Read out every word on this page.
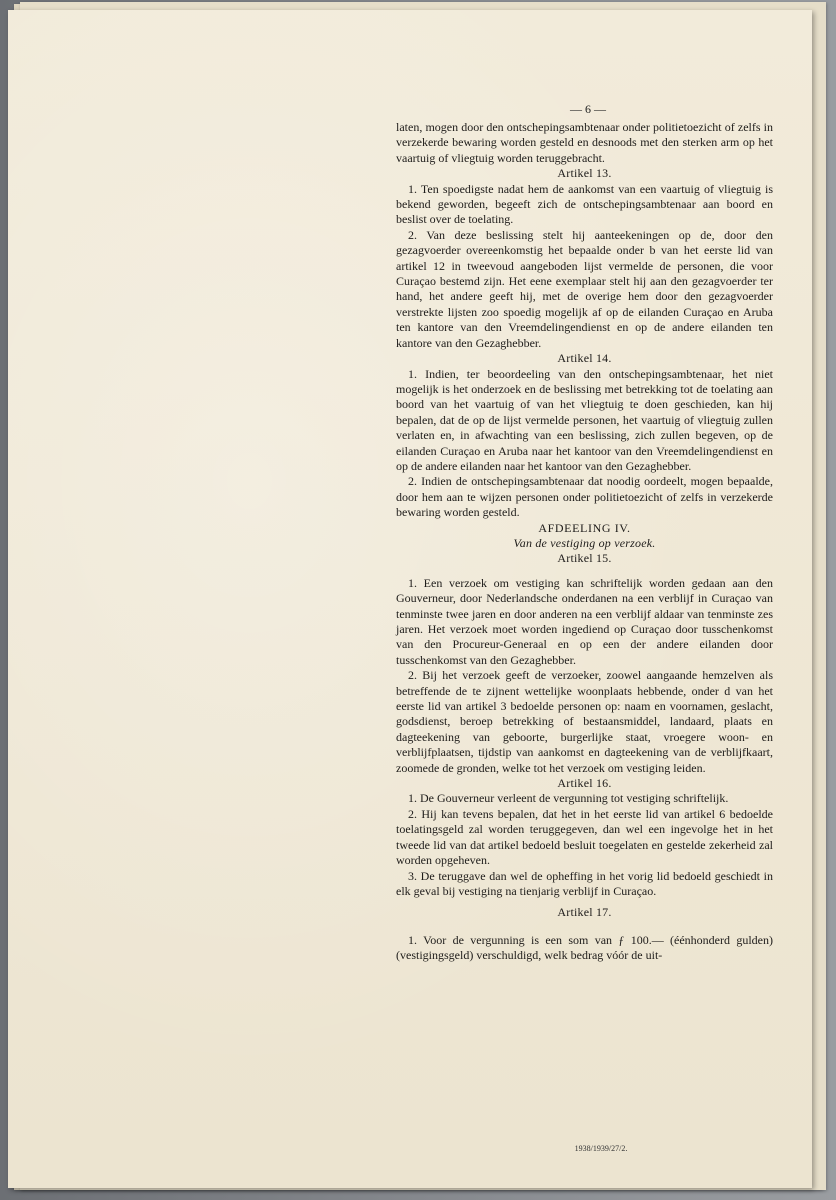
— 6 —

laten, mogen door den ontschepingsambtenaar onder politietoezicht of zelfs in verzekerde bewaring worden gesteld en desnoods met den sterken arm op het vaartuig of vliegtuig worden teruggebracht.

Artikel 13.

1. Ten spoedigste nadat hem de aankomst van een vaartuig of vliegtuig is bekend geworden, begeeft zich de ontschepingsambtenaar aan boord en beslist over de toelating.

2. Van deze beslissing stelt hij aanteekeningen op de, door den gezagvoerder overeenkomstig het bepaalde onder b van het eerste lid van artikel 12 in tweevoud aangeboden lijst vermelde de personen, die voor Curaçao bestemd zijn. Het eene exemplaar stelt hij aan den gezagvoerder ter hand, het andere geeft hij, met de overige hem door den gezagvoerder verstrekte lijsten zoo spoedig mogelijk af op de eilanden Curaçao en Aruba ten kantore van den Vreemdelingendienst en op de andere eilanden ten kantore van den Gezaghebber.

Artikel 14.

1. Indien, ter beoordeeling van den ontschepingsambtenaar, het niet mogelijk is het onderzoek en de beslissing met betrekking tot de toelating aan boord van het vaartuig of van het vliegtuig te doen geschieden, kan hij bepalen, dat de op de lijst vermelde personen, het vaartuig of vliegtuig zullen verlaten en, in afwachting van een beslissing, zich zullen begeven, op de eilanden Curaçao en Aruba naar het kantoor van den Vreemdelingendienst en op de andere eilanden naar het kantoor van den Gezaghebber.

2. Indien de ontschepingsambtenaar dat noodig oordeelt, mogen bepaalde, door hem aan te wijzen personen onder politietoezicht of zelfs in verzekerde bewaring worden gesteld.

AFDEELING IV.

Van de vestiging op verzoek.

Artikel 15.

1. Een verzoek om vestiging kan schriftelijk worden gedaan aan den Gouverneur, door Nederlandsche onderdanen na een verblijf in Curaçao van tenminste twee jaren en door anderen na een verblijf aldaar van tenminste zes jaren. Het verzoek moet worden ingediend op Curaçao door tusschenkomst van den Procureur-Generaal en op een der andere eilanden door tusschenkomst van den Gezaghebber.

2. Bij het verzoek geeft de verzoeker, zoowel aangaande hemzelven als betreffende de te zijnent wettelijke woonplaats hebbende, onder d van het eerste lid van artikel 3 bedoelde personen op: naam en voornamen, geslacht, godsdienst, beroep betrekking of bestaansmiddel, landaard, plaats en dagteekening van geboorte, burgerlijke staat, vroegere woon- en verblijfplaatsen, tijdstip van aankomst en dagteekening van de verblijfkaart, zoomede de gronden, welke tot het verzoek om vestiging leiden.

Artikel 16.

1. De Gouverneur verleent de vergunning tot vestiging schriftelijk.

2. Hij kan tevens bepalen, dat het in het eerste lid van artikel 6 bedoelde toelatingsgeld zal worden teruggegeven, dan wel een ingevolge het in het tweede lid van dat artikel bedoeld besluit toegelaten en gestelde zekerheid zal worden opgeheven.

3. De teruggave dan wel de opheffing in het vorig lid bedoeld geschiedt in elk geval bij vestiging na tienjarig verblijf in Curaçao.

Artikel 17.

1. Voor de vergunning is een som van ƒ 100.— (éénhonderd gulden) (vestigingsgeld) verschuldigd, welk bedrag vóór de uit-

1938/1939/27/2.
